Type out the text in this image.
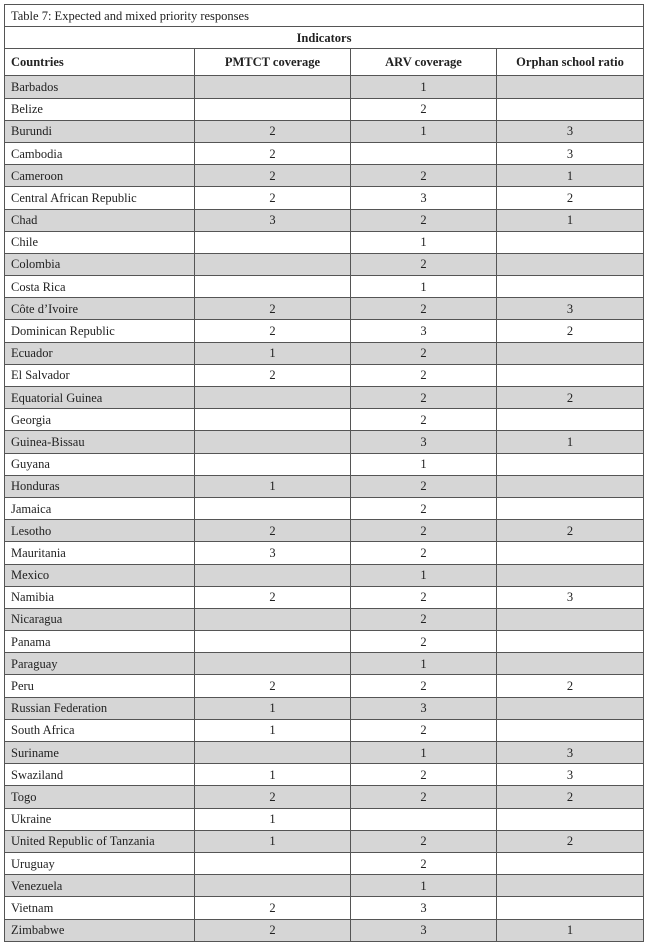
Table 7: Expected and mixed priority responses			
Indicators			
Countries	PMTCT coverage	ARV coverage	Orphan school ratio
Barbados		1	
Belize		2	
Burundi	2	1	3
Cambodia	2		3
Cameroon	2	2	1
Central African Republic	2	3	2
Chad	3	2	1
Chile		1	
Colombia		2	
Costa Rica		1	
Côte d’Ivoire	2	2	3
Dominican Republic	2	3	2
Ecuador	1	2	
El Salvador	2	2	
Equatorial Guinea		2	2
Georgia		2	
Guinea-Bissau		3	1
Guyana		1	
Honduras	1	2	
Jamaica		2	
Lesotho	2	2	2
Mauritania	3	2	
Mexico		1	
Namibia	2	2	3
Nicaragua		2	
Panama		2	
Paraguay		1	
Peru	2	2	2
Russian Federation	1	3	
South Africa	1	2	
Suriname		1	3
Swaziland	1	2	3
Togo	2	2	2
Ukraine	1		
United Republic of Tanzania	1	2	2
Uruguay		2	
Venezuela		1	
Vietnam	2	3	
Zimbabwe	2	3	1
